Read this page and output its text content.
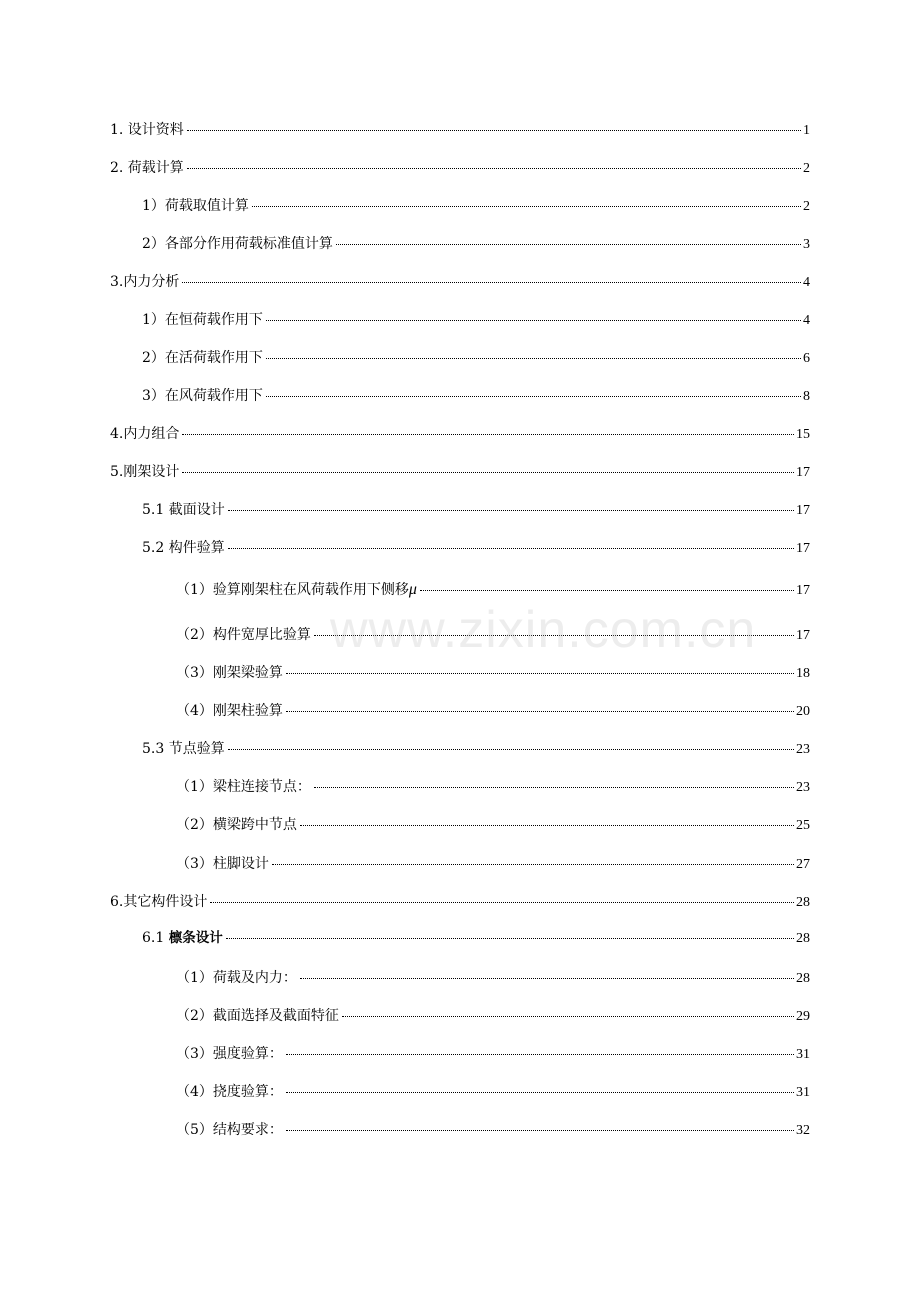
1. 设计资料	1
2. 荷载计算	2
1）荷载取值计算	2
2）各部分作用荷载标准值计算	3
3.内力分析	4
1）在恒荷载作用下	4
2）在活荷载作用下	6
3）在风荷载作用下	8
4.内力组合	15
5.刚架设计	17
5.1 截面设计	17
5.2 构件验算	17
（1）验算刚架柱在风荷载作用下侧移μ	17
（2）构件宽厚比验算	17
（3）刚架梁验算	18
（4）刚架柱验算	20
5.3 节点验算	23
（1）梁柱连接节点：	23
（2）横梁跨中节点	25
（3）柱脚设计	27
6.其它构件设计	28
6.1 檩条设计	28
（1）荷载及内力：	28
（2）截面选择及截面特征	29
（3）强度验算：	31
（4）挠度验算：	31
（5）结构要求：	32
www.zixin.com.cn
